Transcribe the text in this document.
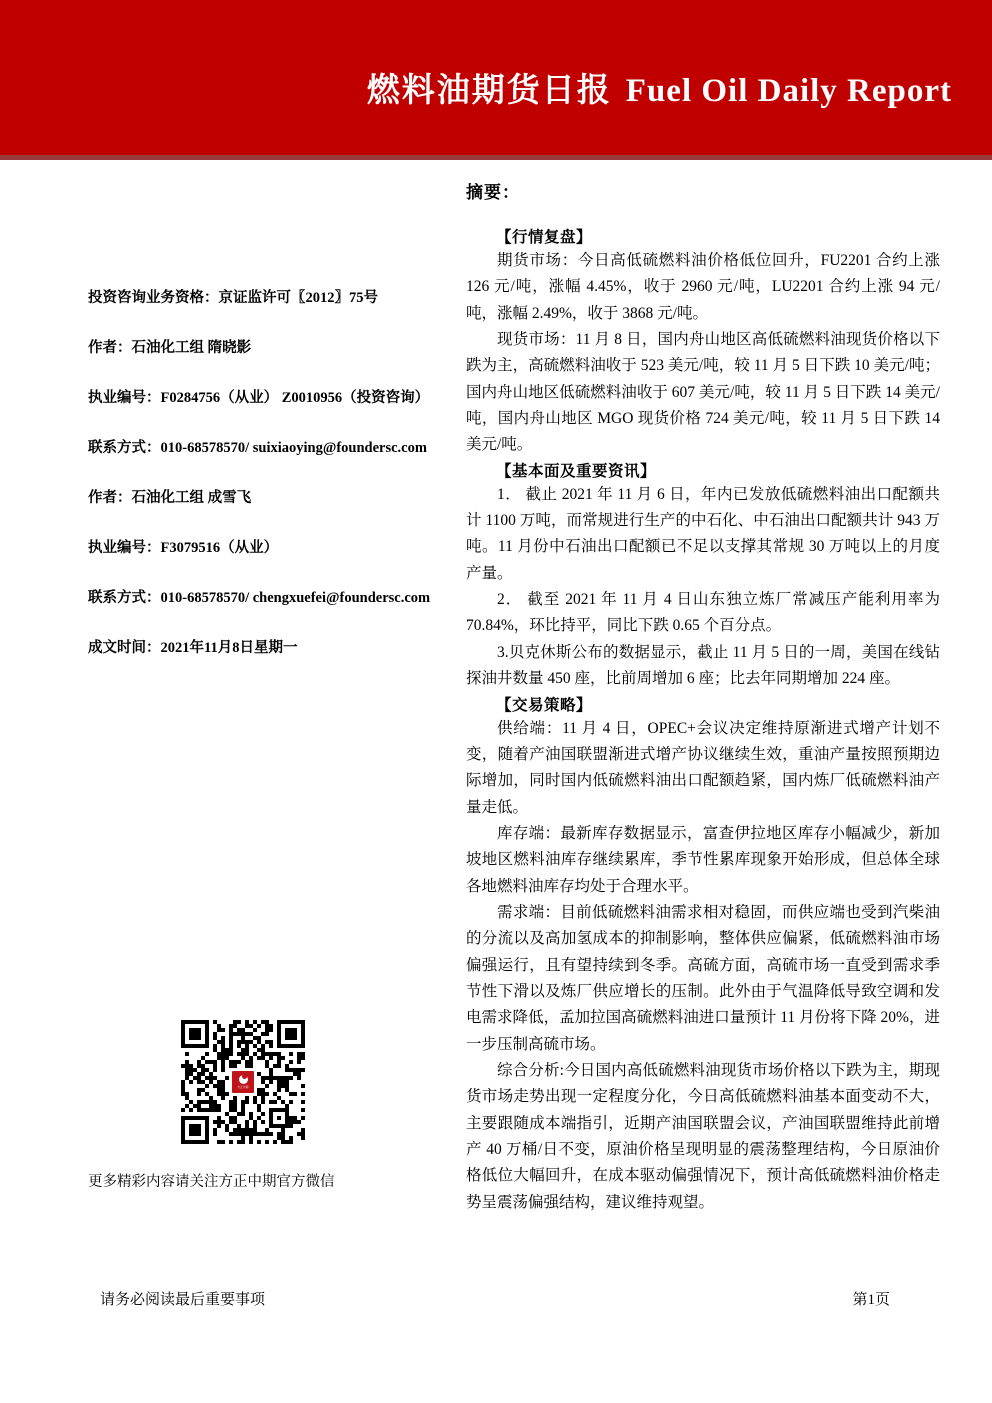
燃料油期货日报 Fuel Oil Daily Report
投资咨询业务资格：京证监许可〖2012〗75号
作者：石油化工组 隋晓影
执业编号：F0284756（从业） Z0010956（投资咨询）
联系方式：010-68578570/ suixiaoying@foundersc.com
作者：石油化工组 成雪飞
执业编号：F3079516（从业）
联系方式：010-68578570/ chengxuefei@foundersc.com
成文时间：2021年11月8日星期一
方正中期
更多精彩内容请关注方正中期官方微信
摘要：
【行情复盘】

期货市场：今日高低硫燃料油价格低位回升，FU2201 合约上涨 126 元/吨，涨幅 4.45%，收于 2960 元/吨，LU2201 合约上涨 94 元/吨，涨幅 2.49%，收于 3868 元/吨。

现货市场：11 月 8 日，国内舟山地区高低硫燃料油现货价格以下跌为主，高硫燃料油收于 523 美元/吨，较 11 月 5 日下跌 10 美元/吨；国内舟山地区低硫燃料油收于 607 美元/吨，较 11 月 5 日下跌 14 美元/吨，国内舟山地区 MGO 现货价格 724 美元/吨，较 11 月 5 日下跌 14 美元/吨。

【基本面及重要资讯】

1． 截止 2021 年 11 月 6 日，年内已发放低硫燃料油出口配额共计 1100 万吨，而常规进行生产的中石化、中石油出口配额共计 943 万吨。11 月份中石油出口配额已不足以支撑其常规 30 万吨以上的月度产量。

2． 截至 2021 年 11 月 4 日山东独立炼厂常减压产能利用率为 70.84%，环比持平，同比下跌 0.65 个百分点。

3.贝克休斯公布的数据显示，截止 11 月 5 日的一周，美国在线钻探油井数量 450 座，比前周增加 6 座；比去年同期增加 224 座。

【交易策略】

供给端：11 月 4 日，OPEC+会议决定维持原渐进式增产计划不变，随着产油国联盟渐进式增产协议继续生效，重油产量按照预期边际增加，同时国内低硫燃料油出口配额趋紧，国内炼厂低硫燃料油产量走低。

库存端：最新库存数据显示，富查伊拉地区库存小幅减少，新加坡地区燃料油库存继续累库，季节性累库现象开始形成，但总体全球各地燃料油库存均处于合理水平。

需求端：目前低硫燃料油需求相对稳固，而供应端也受到汽柴油的分流以及高加氢成本的抑制影响，整体供应偏紧，低硫燃料油市场偏强运行，且有望持续到冬季。高硫方面，高硫市场一直受到需求季节性下滑以及炼厂供应增长的压制。此外由于气温降低导致空调和发电需求降低，孟加拉国高硫燃料油进口量预计 11 月份将下降 20%，进一步压制高硫市场。

综合分析:今日国内高低硫燃料油现货市场价格以下跌为主，期现货市场走势出现一定程度分化，今日高低硫燃料油基本面变动不大，主要跟随成本端指引，近期产油国联盟会议，产油国联盟维持此前增产 40 万桶/日不变，原油价格呈现明显的震荡整理结构，今日原油价格低位大幅回升，在成本驱动偏强情况下，预计高低硫燃料油价格走势呈震荡偏强结构，建议维持观望。

请务必阅读最后重要事项	第1页
